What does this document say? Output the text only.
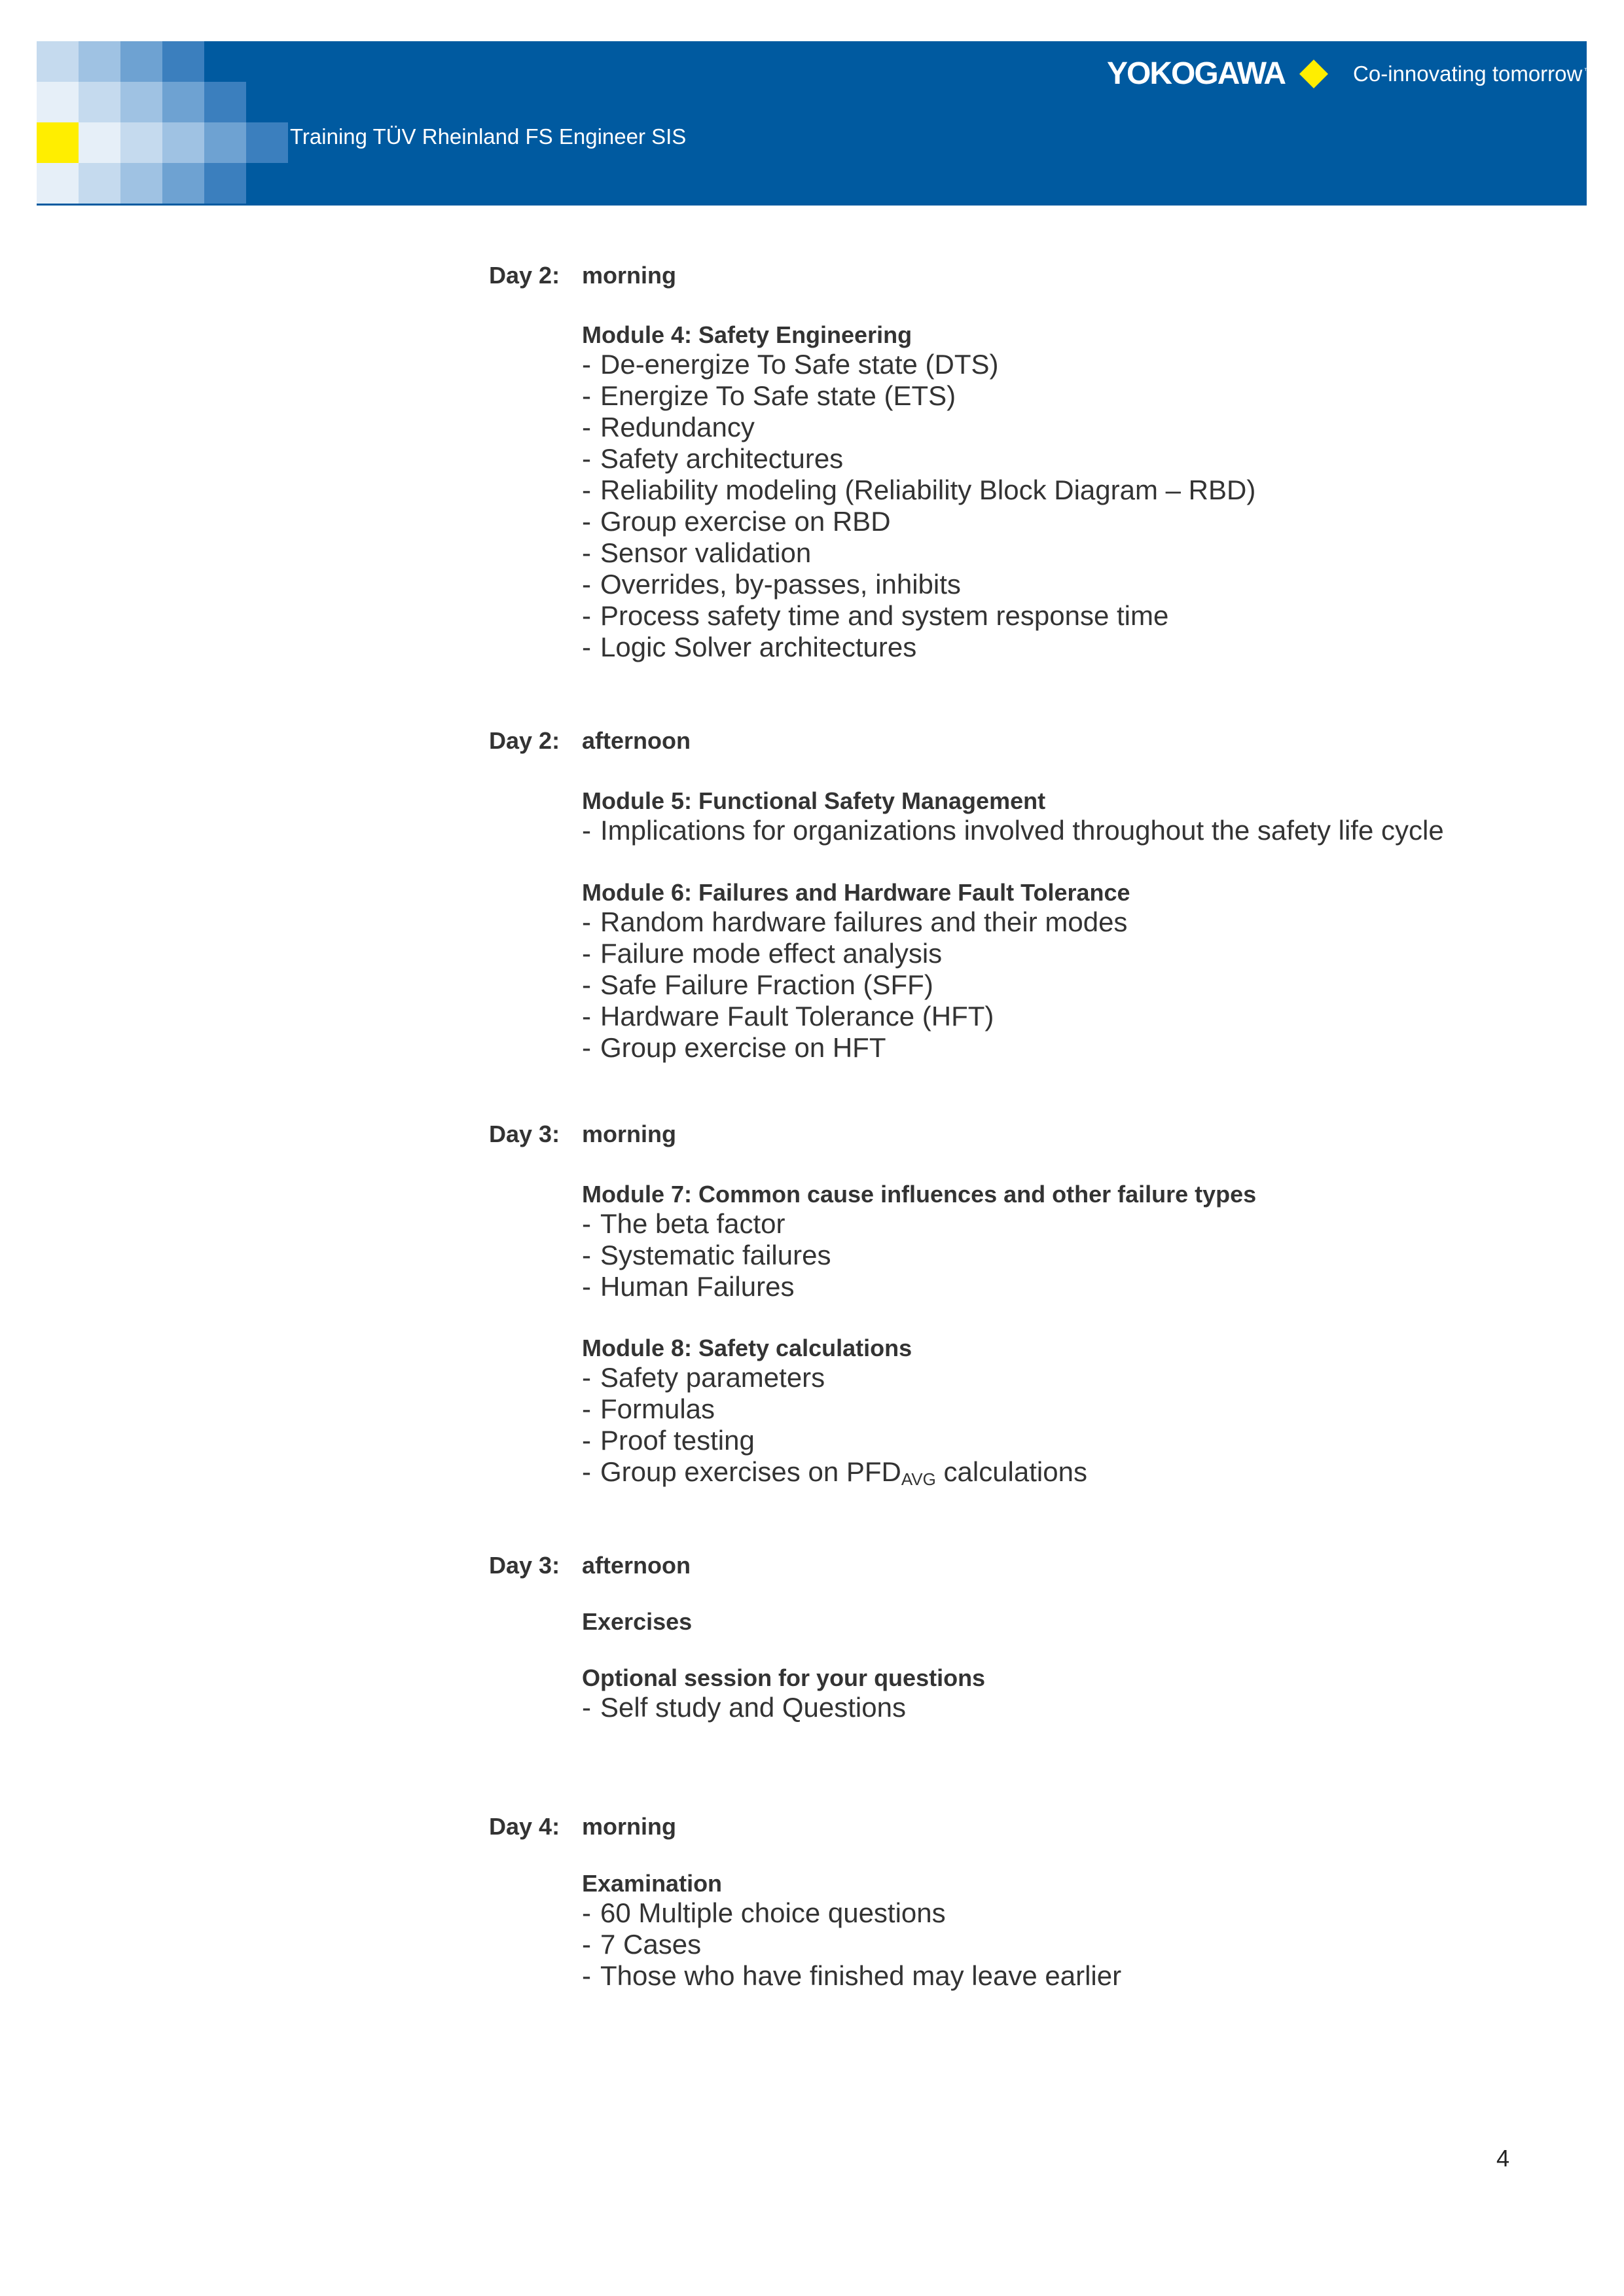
Training TÜV Rheinland FS Engineer SIS
YOKOGAWA	Co-innovating tomorrow ™
Day 2: morning
Module 4: Safety Engineering
- De-energize To Safe state (DTS)
- Energize To Safe state (ETS)
- Redundancy
- Safety architectures
- Reliability modeling (Reliability Block Diagram – RBD)
- Group exercise on RBD
- Sensor validation
- Overrides, by-passes, inhibits
- Process safety time and system response time
- Logic Solver architectures
Day 2: afternoon
Module 5: Functional Safety Management
- Implications for organizations involved throughout the safety life cycle
Module 6: Failures and Hardware Fault Tolerance
- Random hardware failures and their modes
- Failure mode effect analysis
- Safe Failure Fraction (SFF)
- Hardware Fault Tolerance (HFT)
- Group exercise on HFT
Day 3: morning
Module 7: Common cause influences and other failure types
- The beta factor
- Systematic failures
- Human Failures
Module 8: Safety calculations
- Safety parameters
- Formulas
- Proof testing
- Group exercises on $PFD_{AVG}$ calculations
Day 3: afternoon
Exercises
Optional session for your questions
- Self study and Questions
Day 4: morning
Examination
- 60 Multiple choice questions
- 7 Cases
- Those who have finished may leave earlier
4
